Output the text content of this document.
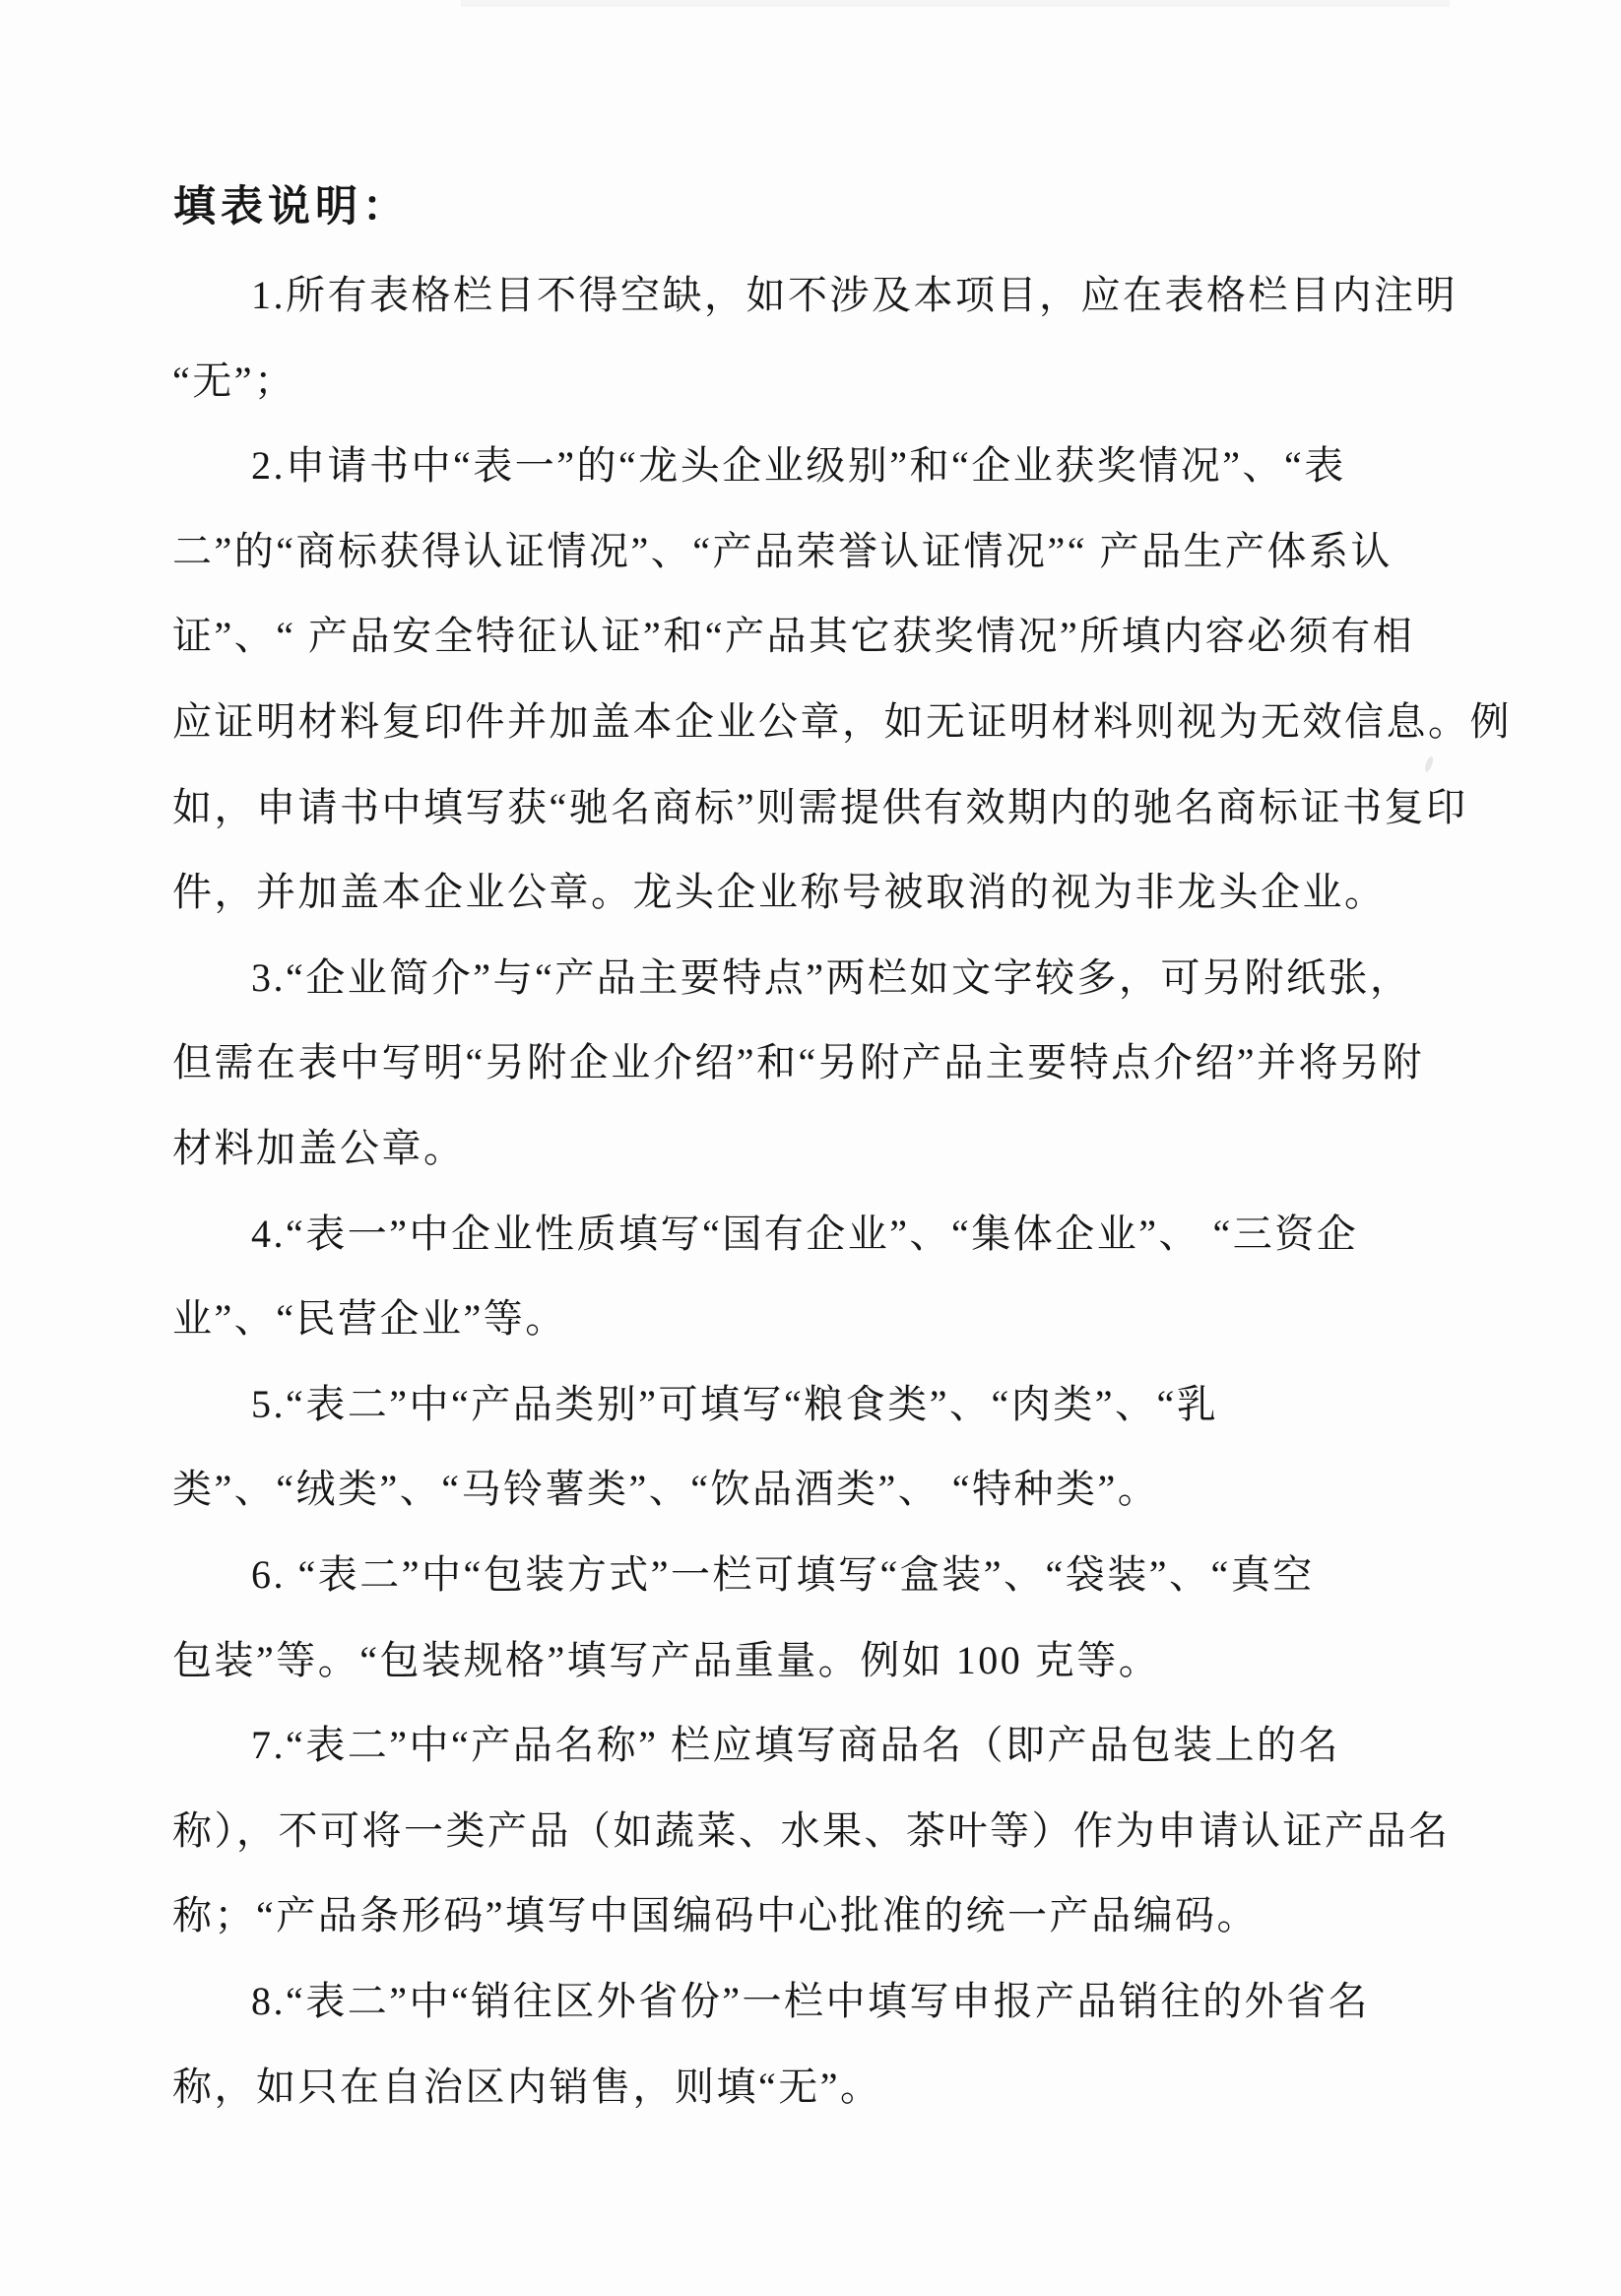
填表说明：
1.所有表格栏目不得空缺，如不涉及本项目，应在表格栏目内注明
“无”；
2.申请书中“表一”的“龙头企业级别”和“企业获奖情况”、“表
二”的“商标获得认证情况”、“产品荣誉认证情况”“ 产品生产体系认
证”、“ 产品安全特征认证”和“产品其它获奖情况”所填内容必须有相
应证明材料复印件并加盖本企业公章，如无证明材料则视为无效信息。例
如，申请书中填写获“驰名商标”则需提供有效期内的驰名商标证书复印
件，并加盖本企业公章。龙头企业称号被取消的视为非龙头企业。
3.“企业简介”与“产品主要特点”两栏如文字较多，可另附纸张，
但需在表中写明“另附企业介绍”和“另附产品主要特点介绍”并将另附
材料加盖公章。
4.“表一”中企业性质填写“国有企业”、“集体企业”、 “三资企
业”、“民营企业”等。
5.“表二”中“产品类别”可填写“粮食类”、“肉类”、“乳
类”、“绒类”、“马铃薯类”、“饮品酒类”、 “特种类”。
6. “表二”中“包装方式”一栏可填写“盒装”、“袋装”、“真空
包装”等。“包装规格”填写产品重量。例如 100 克等。
7.“表二”中“产品名称” 栏应填写商品名（即产品包装上的名
称），不可将一类产品（如蔬菜、水果、茶叶等）作为申请认证产品名
称；“产品条形码”填写中国编码中心批准的统一产品编码。
8.“表二”中“销往区外省份”一栏中填写申报产品销往的外省名
称，如只在自治区内销售，则填“无”。
